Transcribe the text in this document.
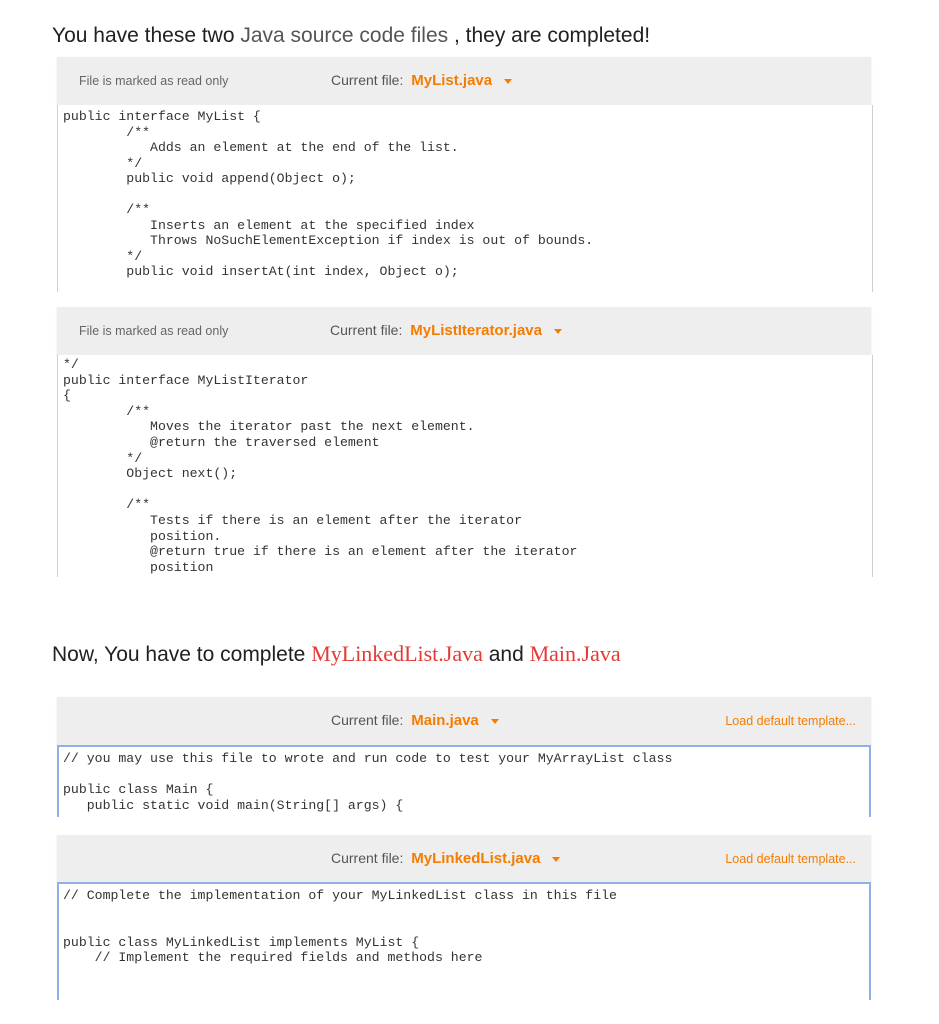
You have these two Java source code files , they are completed!
File is marked as read only	Current file: MyList.java
public interface MyList {
/**
Adds an element at the end of the list.
*/
public void append(Object o);
/**
Inserts an element at the specified index
Throws NoSuchElementException if index is out of bounds.
*/
public void insertAt(int index, Object o);
File is marked as read only	Current file: MyListIterator.java
*/
public interface MyListIterator
{
/**
Moves the iterator past the next element.
@return the traversed element
*/
Object next();
/**
Tests if there is an element after the iterator
position.
@return true if there is an element after the iterator
position
Now, You have to complete MyLinkedList.Java and Main.Java
Current file: Main.java	Load default template...
// you may use this file to wrote and run code to test your MyArrayList class
public class Main {
public static void main(String[] args) {
Current file: MyLinkedList.java	Load default template...
// Complete the implementation of your MyLinkedList class in this file
public class MyLinkedList implements MyList {
// Implement the required fields and methods here
